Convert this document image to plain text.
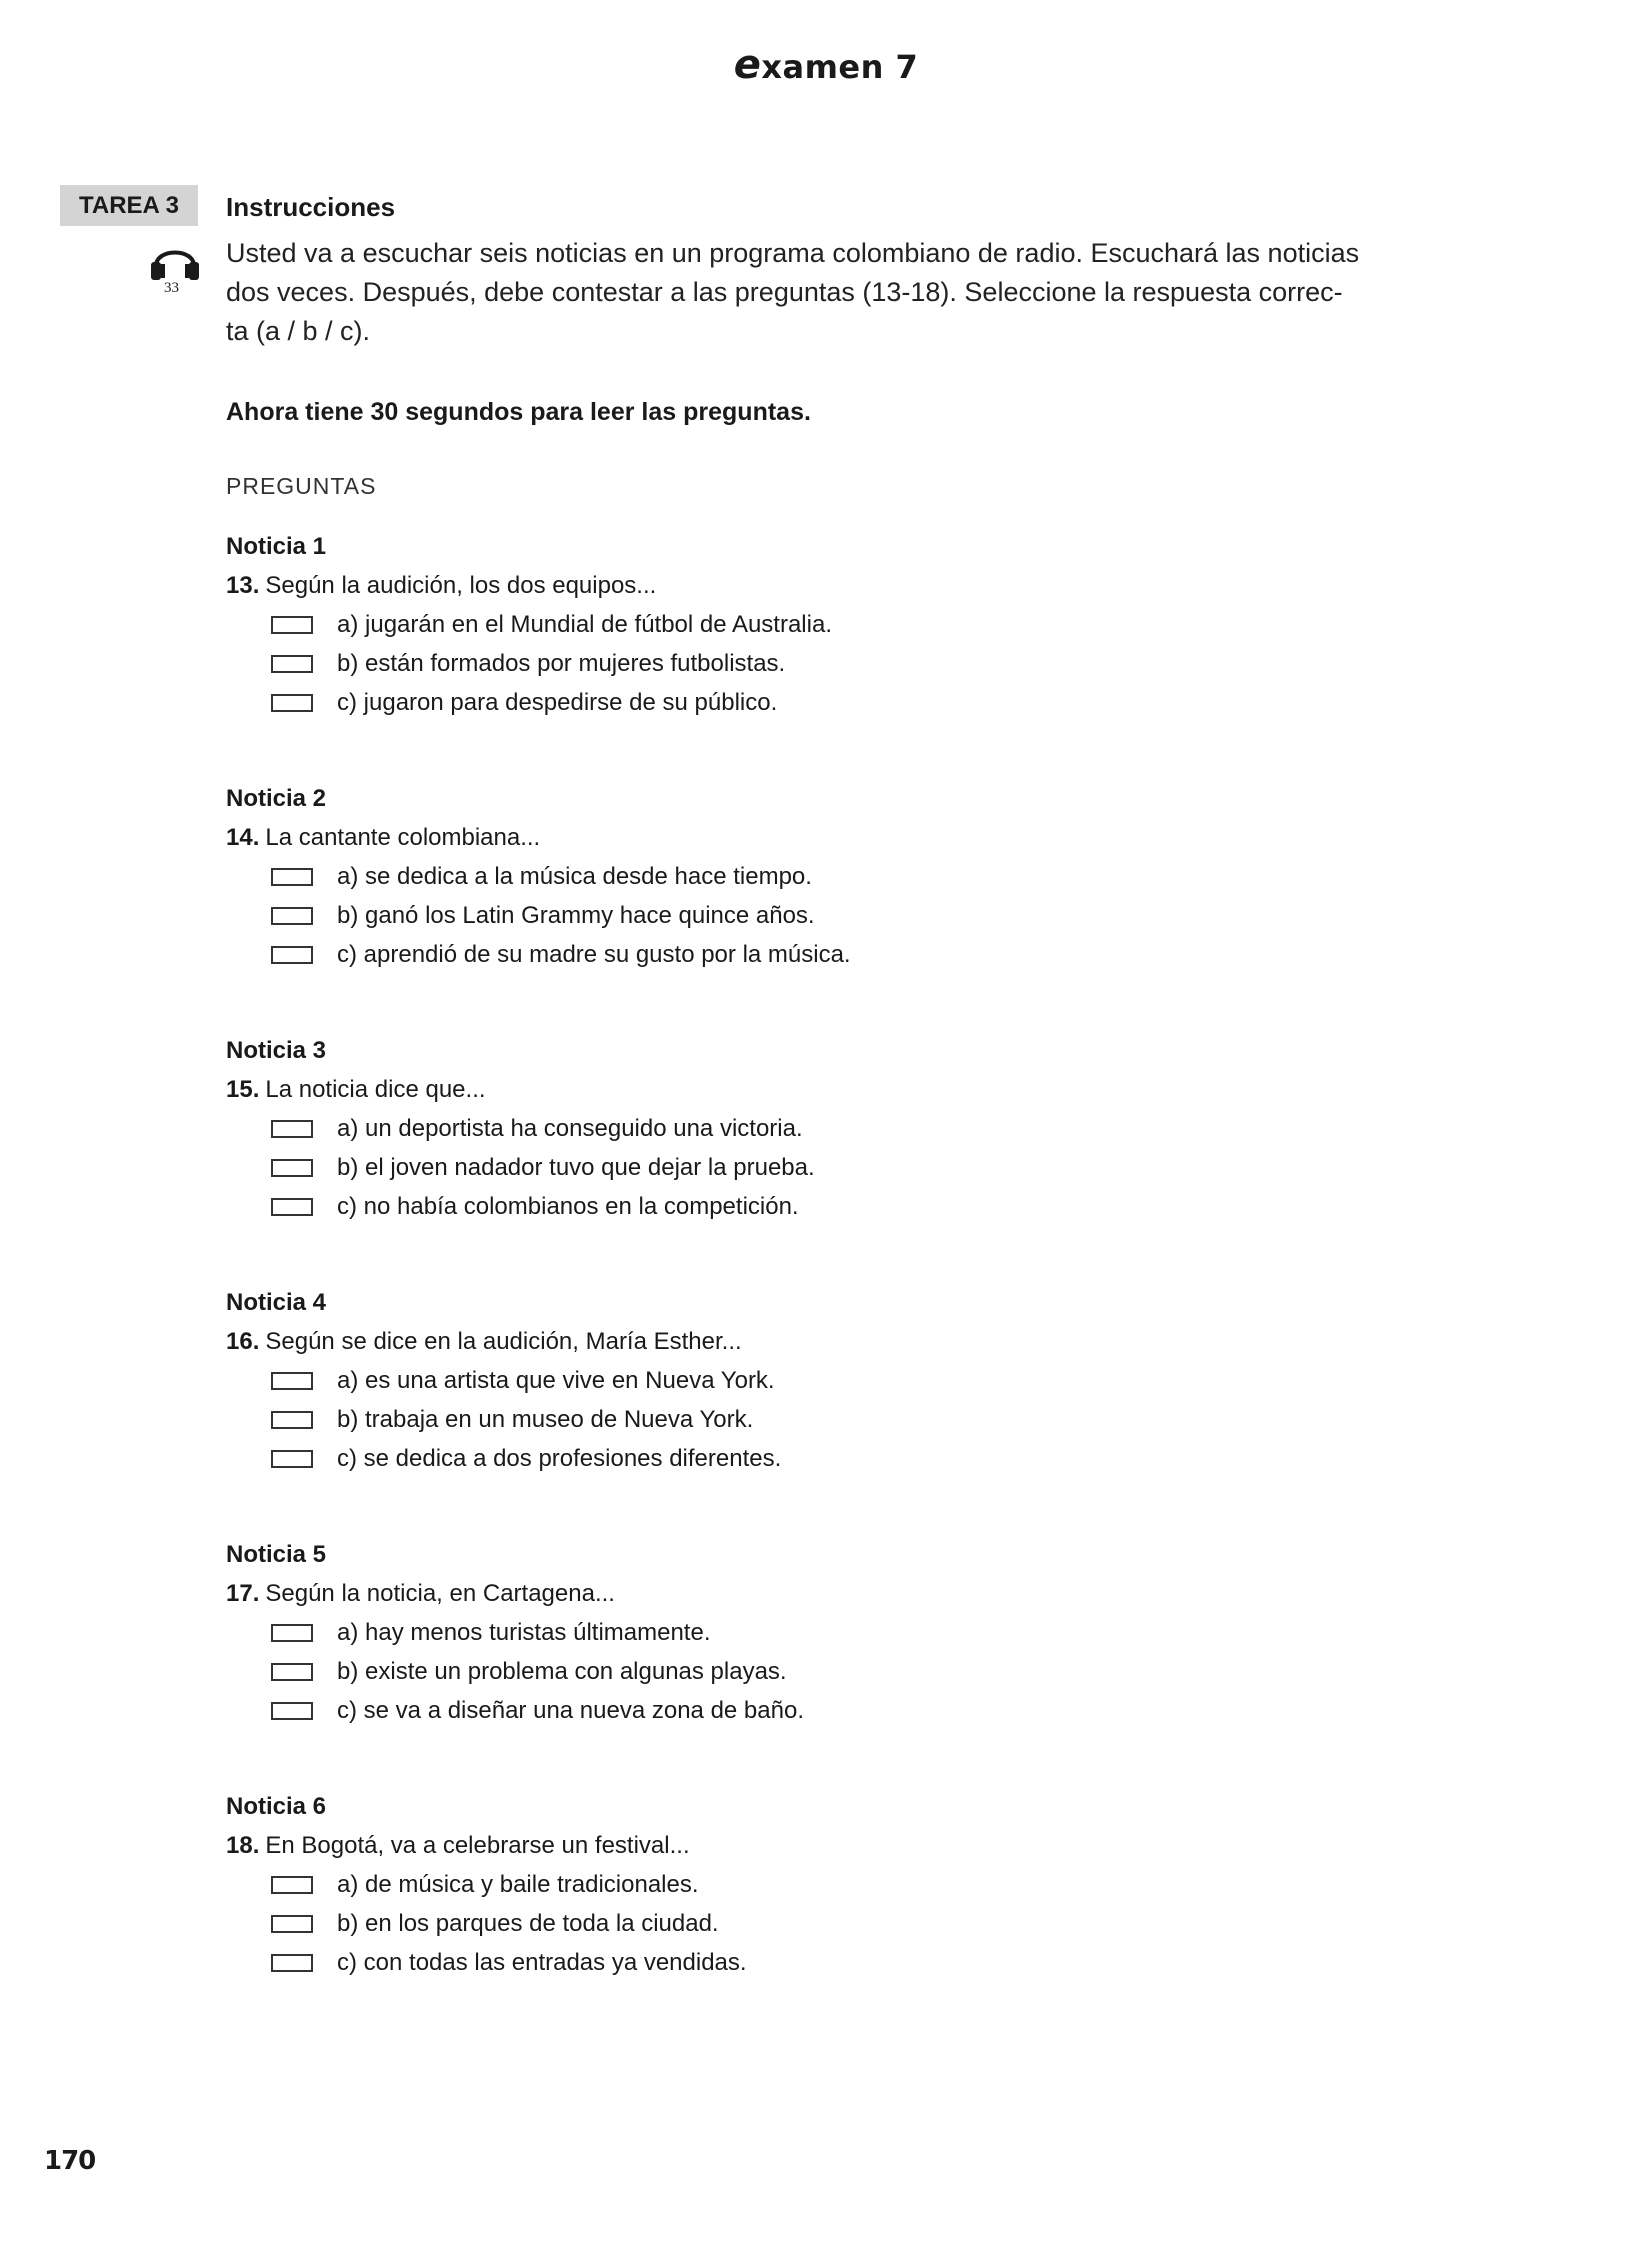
examen 7
TAREA 3
33
Instrucciones

Usted va a escuchar seis noticias en un programa colombiano de radio. Escuchará las noticias
dos veces. Después, debe contestar a las preguntas (13-18). Seleccione la respuesta correc-
ta (a / b / c).

Ahora tiene 30 segundos para leer las preguntas.

PREGUNTAS
Noticia 1
13. Según la audición, los dos equipos...
a) jugarán en el Mundial de fútbol de Australia.
b) están formados por mujeres futbolistas.
c) jugaron para despedirse de su público.
Noticia 2
14. La cantante colombiana...
a) se dedica a la música desde hace tiempo.
b) ganó los Latin Grammy hace quince años.
c) aprendió de su madre su gusto por la música.
Noticia 3
15. La noticia dice que...
a) un deportista ha conseguido una victoria.
b) el joven nadador tuvo que dejar la prueba.
c) no había colombianos en la competición.
Noticia 4
16. Según se dice en la audición, María Esther...
a) es una artista que vive en Nueva York.
b) trabaja en un museo de Nueva York.
c) se dedica a dos profesiones diferentes.
Noticia 5
17. Según la noticia, en Cartagena...
a) hay menos turistas últimamente.
b) existe un problema con algunas playas.
c) se va a diseñar una nueva zona de baño.
Noticia 6
18. En Bogotá, va a celebrarse un festival...
a) de música y baile tradicionales.
b) en los parques de toda la ciudad.
c) con todas las entradas ya vendidas.
170
